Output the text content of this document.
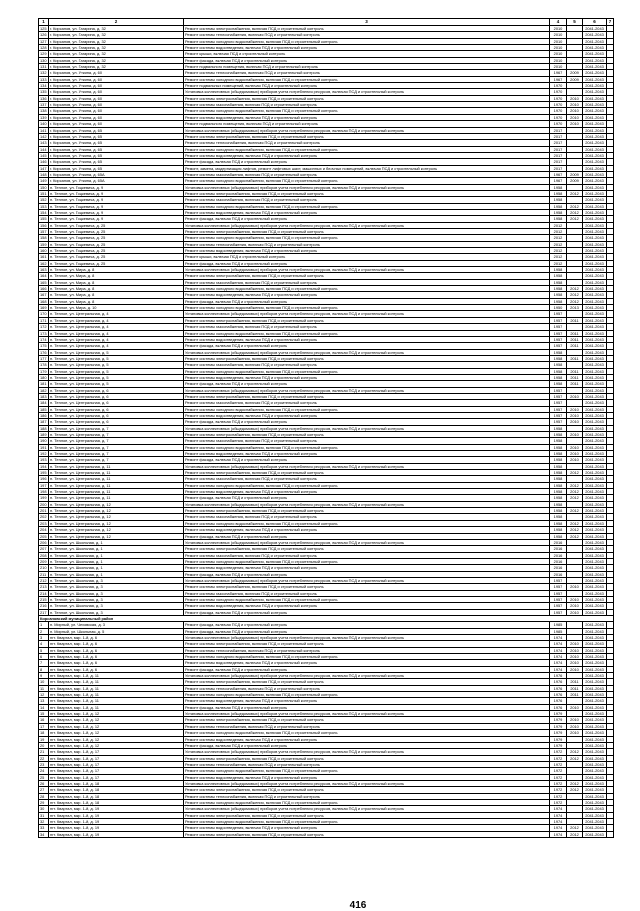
1	2	3	4	5	6	7
125	г. Кирсанов, ул. Гагарина, д. 32	Ремонт системы электроснабжения, включая ПСД и строительный контроль	2010		2041-2043	
126	г. Кирсанов, ул. Гагарина, д. 32	Ремонт системы теплоснабжения, включая ПСД и строительный контроль	2010		2041-2043	
127	г. Кирсанов, ул. Гагарина, д. 32	Ремонт системы холодного водоснабжения, включая ПСД и строительный контроль	2010		2041-2043	
128	г. Кирсанов, ул. Гагарина, д. 32	Ремонт системы водоотведения, включая ПСД и строительный контроль	2010		2041-2043	
129	г. Кирсанов, ул. Гагарина, д. 32	Ремонт крыши, включая ПСД и строительный контроль	2010		2041-2043	
130	г. Кирсанов, ул. Гагарина, д. 32	Ремонт фасада, включая ПСД и строительный контроль	2010		2041-2043	
131	г. Кирсанов, ул. Гагарина, д. 32	Ремонт подвального помещения, включая ПСД и строительный контроль	2010		2041-2043	
132	г. Кирсанов, ул. Уткина, д. 60	Ремонт системы теплоснабжения, включая ПСД и строительный контроль	1967	2009	2041-2043	
133	г. Кирсанов, ул. Уткина, д. 60	Ремонт системы холодного водоснабжения, включая ПСД и строительный контроль	1967	2009	2041-2043	
134	г. Кирсанов, ул. Уткина, д. 60	Ремонт подвальных помещений, включая ПСД и строительный контроль	1970		2041-2043	
135	г. Кирсанов, ул. Уткина, д. 60	Установка коллективных (общедомовых) приборов учета потребления ресурсов, включая ПСД и строительный контроль	1970		2041-2043	
136	г. Кирсанов, ул. Уткина, д. 60	Ремонт системы электроснабжения, включая ПСД и строительный контроль	1970	2010	2041-2043	
137	г. Кирсанов, ул. Уткина, д. 60	Ремонт системы газоснабжения, включая ПСД и строительный контроль	1970	2010	2041-2043	
138	г. Кирсанов, ул. Уткина, д. 60	Ремонт системы холодного водоснабжения, включая ПСД и строительный контроль	1970	2010	2041-2043	
139	г. Кирсанов, ул. Уткина, д. 60	Ремонт системы водоотведения, включая ПСД и строительный контроль	1970	2010	2041-2043	
140	г. Кирсанов, ул. Уткина, д. 60	Ремонт подвального помещения, включая ПСД и строительный контроль	1970	2010	2041-2043	
141	г. Кирсанов, ул. Уткина, д. 65	Установка коллективных (общедомовых) приборов учета потребления ресурсов, включая ПСД и строительный контроль	2017		2041-2043	
142	г. Кирсанов, ул. Уткина, д. 65	Ремонт системы электроснабжения, включая ПСД и строительный контроль	2017		2041-2043	
143	г. Кирсанов, ул. Уткина, д. 65	Ремонт системы теплоснабжения, включая ПСД и строительный контроль	2017		2041-2043	
144	г. Кирсанов, ул. Уткина, д. 65	Ремонт системы холодного водоснабжения, включая ПСД и строительный контроль	2017		2041-2043	
145	г. Кирсанов, ул. Уткина, д. 65	Ремонт системы водоотведения, включая ПСД и строительный контроль	2017		2041-2043	
146	г. Кирсанов, ул. Уткина, д. 65	Ремонт фасада, включая ПСД и строительный контроль	2017		2041-2043	
147	г. Кирсанов, ул. Уткина, д. 65	Ремонт, замена, модернизация лифтов, ремонт лифтовых шахт, машинных и блочных помещений, включая ПСД и строительный контроль	2017		2041-2043	
148	г. Кирсанов, ул. Уткина, д. 65А	Ремонт системы газоснабжения, включая ПСД и строительный контроль	1967	2009	2041-2043	
149	г. Кирсанов, ул. Уткина, д. 65А	Ремонт системы холодного водоснабжения, включая ПСД и строительный контроль	1967	2009	2041-2043	
150	п. Теплое, ул. Гоцкевича, д. 9	Установка коллективных (общедомовых) приборов учета потребления ресурсов, включая ПСД и строительный контроль	1958		2041-2043	
151	п. Теплое, ул. Гоцкевича, д. 9	Ремонт системы электроснабжения, включая ПСД и строительный контроль	1958	2012	2041-2043	
152	п. Теплое, ул. Гоцкевича, д. 9	Ремонт системы газоснабжения, включая ПСД и строительный контроль	1958		2041-2043	
153	п. Теплое, ул. Гоцкевича, д. 9	Ремонт системы холодного водоснабжения, включая ПСД и строительный контроль	1958	2012	2041-2043	
154	п. Теплое, ул. Гоцкевича, д. 9	Ремонт системы водоотведения, включая ПСД и строительный контроль	1958	2012	2041-2043	
155	п. Теплое, ул. Гоцкевича, д. 9	Ремонт фасада, включая ПСД и строительный контроль	1958	2012	2041-2043	
156	п. Теплое, ул. Гоцкевича, д. 25	Установка коллективных (общедомовых) приборов учета потребления ресурсов, включая ПСД и строительный контроль	2012		2041-2043	
157	п. Теплое, ул. Гоцкевича, д. 25	Ремонт системы электроснабжения, включая ПСД и строительный контроль	2012		2041-2043	
158	п. Теплое, ул. Гоцкевича, д. 25	Ремонт системы холодного водоснабжения, включая ПСД и строительный контроль	2012		2041-2043	
159	п. Теплое, ул. Гоцкевича, д. 25	Ремонт системы теплоснабжения, включая ПСД и строительный контроль	2012		2041-2043	
160	п. Теплое, ул. Гоцкевича, д. 25	Ремонт системы водоотведения, включая ПСД и строительный контроль	2012		2041-2043	
161	п. Теплое, ул. Гоцкевича, д. 25	Ремонт крыши, включая ПСД и строительный контроль	2012		2041-2043	
162	п. Теплое, ул. Гоцкевича, д. 25	Ремонт фасада, включая ПСД и строительный контроль	2012		2041-2043	
163	п. Теплое, ул. Мира, д. 8	Установка коллективных (общедомовых) приборов учета потребления ресурсов, включая ПСД и строительный контроль	1958		2041-2043	
164	п. Теплое, ул. Мира, д. 8	Ремонт системы электроснабжения, включая ПСД и строительный контроль	1958		2041-2043	
165	п. Теплое, ул. Мира, д. 8	Ремонт системы газоснабжения, включая ПСД и строительный контроль	1958		2041-2043	
166	п. Теплое, ул. Мира, д. 8	Ремонт системы холодного водоснабжения, включая ПСД и строительный контроль	1958	2012	2041-2043	
167	п. Теплое, ул. Мира, д. 8	Ремонт системы водоотведения, включая ПСД и строительный контроль	1958	2012	2041-2043	
168	п. Теплое, ул. Мира, д. 8	Ремонт фасада, включая ПСД и строительный контроль	1958	2012	2041-2043	
169	п. Теплое, ул. Мира, д. 10	Ремонт системы холодного водоснабжения, включая ПСД и строительный контроль	1950	2013	2041-2043	
170	п. Теплое, ул. Центральная, д. 4	Установка коллективных (общедомовых) приборов учета потребления ресурсов, включая ПСД и строительный контроль	1957		2041-2043	
171	п. Теплое, ул. Центральная, д. 4	Ремонт системы электроснабжения, включая ПСД и строительный контроль	1957	2011	2041-2043	
172	п. Теплое, ул. Центральная, д. 4	Ремонт системы газоснабжения, включая ПСД и строительный контроль	1957		2041-2043	
173	п. Теплое, ул. Центральная, д. 4	Ремонт системы холодного водоснабжения, включая ПСД и строительный контроль	1957	2011	2041-2043	
174	п. Теплое, ул. Центральная, д. 4	Ремонт системы водоотведения, включая ПСД и строительный контроль	1957	2011	2041-2043	
175	п. Теплое, ул. Центральная, д. 4	Ремонт фасада, включая ПСД и строительный контроль	1957	2011	2041-2043	
176	п. Теплое, ул. Центральная, д. 5	Установка коллективных (общедомовых) приборов учета потребления ресурсов, включая ПСД и строительный контроль	1958		2041-2043	
177	п. Теплое, ул. Центральная, д. 5	Ремонт системы электроснабжения, включая ПСД и строительный контроль	1958	2011	2041-2043	
178	п. Теплое, ул. Центральная, д. 5	Ремонт системы газоснабжения, включая ПСД и строительный контроль	1958		2041-2043	
179	п. Теплое, ул. Центральная, д. 5	Ремонт системы холодного водоснабжения, включая ПСД и строительный контроль	1958	2011	2041-2043	
180	п. Теплое, ул. Центральная, д. 5	Ремонт системы водоотведения, включая ПСД и строительный контроль	1958	2011	2041-2043	
181	п. Теплое, ул. Центральная, д. 5	Ремонт фасада, включая ПСД и строительный контроль	1958	2011	2041-2043	
182	п. Теплое, ул. Центральная, д. 6	Установка коллективных (общедомовых) приборов учета потребления ресурсов, включая ПСД и строительный контроль	1957		2041-2043	
183	п. Теплое, ул. Центральная, д. 6	Ремонт системы электроснабжения, включая ПСД и строительный контроль	1957	2010	2041-2043	
184	п. Теплое, ул. Центральная, д. 6	Ремонт системы газоснабжения, включая ПСД и строительный контроль	1957		2041-2043	
185	п. Теплое, ул. Центральная, д. 6	Ремонт системы холодного водоснабжения, включая ПСД и строительный контроль	1957	2010	2041-2043	
186	п. Теплое, ул. Центральная, д. 6	Ремонт системы водоотведения, включая ПСД и строительный контроль	1957	2010	2041-2043	
187	п. Теплое, ул. Центральная, д. 6	Ремонт фасада, включая ПСД и строительный контроль	1957	2010	2041-2043	
188	п. Теплое, ул. Центральная, д. 7	Установка коллективных (общедомовых) приборов учета потребления ресурсов, включая ПСД и строительный контроль	1958		2041-2043	
189	п. Теплое, ул. Центральная, д. 7	Ремонт системы электроснабжения, включая ПСД и строительный контроль	1958	2010	2041-2043	
190	п. Теплое, ул. Центральная, д. 7	Ремонт системы газоснабжения, включая ПСД и строительный контроль	1958		2041-2043	
191	п. Теплое, ул. Центральная, д. 7	Ремонт системы холодного водоснабжения, включая ПСД и строительный контроль	1958	2010	2041-2043	
192	п. Теплое, ул. Центральная, д. 7	Ремонт системы водоотведения, включая ПСД и строительный контроль	1958	2010	2041-2043	
193	п. Теплое, ул. Центральная, д. 7	Ремонт фасада, включая ПСД и строительный контроль	1958	2010	2041-2043	
194	п. Теплое, ул. Центральная, д. 11	Установка коллективных (общедомовых) приборов учета потребления ресурсов, включая ПСД и строительный контроль	1958		2041-2043	
195	п. Теплое, ул. Центральная, д. 11	Ремонт системы электроснабжения, включая ПСД и строительный контроль	1958	2012	2041-2043	
196	п. Теплое, ул. Центральная, д. 11	Ремонт системы газоснабжения, включая ПСД и строительный контроль	1958		2041-2043	
197	п. Теплое, ул. Центральная, д. 11	Ремонт системы холодного водоснабжения, включая ПСД и строительный контроль	1958	2012	2041-2043	
198	п. Теплое, ул. Центральная, д. 11	Ремонт системы водоотведения, включая ПСД и строительный контроль	1958	2012	2041-2043	
199	п. Теплое, ул. Центральная, д. 11	Ремонт фасада, включая ПСД и строительный контроль	1958	2012	2041-2043	
200	п. Теплое, ул. Центральная, д. 12	Установка коллективных (общедомовых) приборов учета потребления ресурсов, включая ПСД и строительный контроль	1958		2041-2043	
201	п. Теплое, ул. Центральная, д. 12	Ремонт системы электроснабжения, включая ПСД и строительный контроль	1958	2012	2041-2043	
202	п. Теплое, ул. Центральная, д. 12	Ремонт системы газоснабжения, включая ПСД и строительный контроль	1958		2041-2043	
203	п. Теплое, ул. Центральная, д. 12	Ремонт системы холодного водоснабжения, включая ПСД и строительный контроль	1958	2012	2041-2043	
204	п. Теплое, ул. Центральная, д. 12	Ремонт системы водоотведения, включая ПСД и строительный контроль	1958	2012	2041-2043	
205	п. Теплое, ул. Центральная, д. 12	Ремонт фасада, включая ПСД и строительный контроль	1958	2012	2041-2043	
206	п. Теплое, ул. Школьная, д. 1	Установка коллективных (общедомовых) приборов учета потребления ресурсов, включая ПСД и строительный контроль	2016		2041-2043	
207	п. Теплое, ул. Школьная, д. 1	Ремонт системы электроснабжения, включая ПСД и строительный контроль	2016		2041-2043	
208	п. Теплое, ул. Школьная, д. 1	Ремонт системы газоснабжения, включая ПСД и строительный контроль	2016		2041-2043	
209	п. Теплое, ул. Школьная, д. 1	Ремонт системы холодного водоснабжения, включая ПСД и строительный контроль	2016		2041-2043	
210	п. Теплое, ул. Школьная, д. 1	Ремонт системы водоотведения, включая ПСД и строительный контроль	2016		2041-2043	
211	п. Теплое, ул. Школьная, д. 1	Ремонт фасада, включая ПСД и строительный контроль	2016		2041-2043	
212	п. Теплое, ул. Школьная, д. 3	Установка коллективных (общедомовых) приборов учета потребления ресурсов, включая ПСД и строительный контроль	1957		2041-2043	
213	п. Теплое, ул. Школьная, д. 3	Ремонт системы электроснабжения, включая ПСД и строительный контроль	1957	2010	2041-2043	
214	п. Теплое, ул. Школьная, д. 3	Ремонт системы газоснабжения, включая ПСД и строительный контроль	1957		2041-2043	
215	п. Теплое, ул. Школьная, д. 3	Ремонт системы холодного водоснабжения, включая ПСД и строительный контроль	1957	2010	2041-2043	
216	п. Теплое, ул. Школьная, д. 3	Ремонт системы водоотведения, включая ПСД и строительный контроль	1957	2010	2041-2043	
217	п. Теплое, ул. Школьная, д. 3	Ремонт фасада, включая ПСД и строительный контроль	1957	2010	2041-2043	
Кирсановский муниципальный район						
1	п. Мирный, ул. Чеховская, д. 3	Ремонт фасада, включая ПСД и строительный контроль	1985		2041-2043	
2	п. Мирный, ул. Школьная, д. 5	Ремонт фасада, включая ПСД и строительный контроль	1985		2041-2043	
3	пгт. Квартал, мкр. 1-й, д. 6	Установка коллективных (общедомовых) приборов учета потребления ресурсов, включая ПСД и строительный контроль	1974		2041-2043	
4	пгт. Квартал, мкр. 1-й, д. 6	Ремонт системы электроснабжения, включая ПСД и строительный контроль	1974	2010	2041-2043	
5	пгт. Квартал, мкр. 1-й, д. 6	Ремонт системы теплоснабжения, включая ПСД и строительный контроль	1974	2010	2041-2043	
6	пгт. Квартал, мкр. 1-й, д. 6	Ремонт системы холодного водоснабжения, включая ПСД и строительный контроль	1974	2010	2041-2043	
7	пгт. Квартал, мкр. 1-й, д. 6	Ремонт системы водоотведения, включая ПСД и строительный контроль	1974	2010	2041-2043	
8	пгт. Квартал, мкр. 1-й, д. 6	Ремонт фасада, включая ПСД и строительный контроль	1974	2010	2041-2043	
9	пгт. Квартал, мкр. 1-й, д. 11	Установка коллективных (общедомовых) приборов учета потребления ресурсов, включая ПСД и строительный контроль	1976		2041-2043	
10	пгт. Квартал, мкр. 1-й, д. 11	Ремонт системы электроснабжения, включая ПСД и строительный контроль	1976	2011	2041-2043	
11	пгт. Квартал, мкр. 1-й, д. 11	Ремонт системы теплоснабжения, включая ПСД и строительный контроль	1976	2011	2041-2043	
12	пгт. Квартал, мкр. 1-й, д. 11	Ремонт системы холодного водоснабжения, включая ПСД и строительный контроль	1976	2011	2041-2043	
13	пгт. Квартал, мкр. 1-й, д. 11	Ремонт системы водоотведения, включая ПСД и строительный контроль	1976		2041-2043	
14	пгт. Квартал, мкр. 1-й, д. 11	Ремонт фасада, включая ПСД и строительный контроль	1976	2010	2041-2043	
15	пгт. Квартал, мкр. 1-й, д. 12	Установка коллективных (общедомовых) приборов учета потребления ресурсов, включая ПСД и строительный контроль	1979		2041-2043	
16	пгт. Квартал, мкр. 1-й, д. 12	Ремонт системы электроснабжения, включая ПСД и строительный контроль	1979	2010	2041-2043	
17	пгт. Квартал, мкр. 1-й, д. 12	Ремонт системы теплоснабжения, включая ПСД и строительный контроль	1979	2010	2041-2043	
18	пгт. Квартал, мкр. 1-й, д. 12	Ремонт системы холодного водоснабжения, включая ПСД и строительный контроль	1979	2010	2041-2043	
19	пгт. Квартал, мкр. 1-й, д. 12	Ремонт системы водоотведения, включая ПСД и строительный контроль	1979		2041-2043	
20	пгт. Квартал, мкр. 1-й, д. 12	Ремонт фасада, включая ПСД и строительный контроль	1979		2041-2043	
21	пгт. Квартал, мкр. 1-й, д. 17	Установка коллективных (общедомовых) приборов учета потребления ресурсов, включая ПСД и строительный контроль	1972	2012	2041-2043	
22	пгт. Квартал, мкр. 1-й, д. 17	Ремонт системы электроснабжения, включая ПСД и строительный контроль	1972	2012	2041-2043	
23	пгт. Квартал, мкр. 1-й, д. 17	Ремонт системы теплоснабжения, включая ПСД и строительный контроль	1972		2041-2043	
24	пгт. Квартал, мкр. 1-й, д. 17	Ремонт системы холодного водоснабжения, включая ПСД и строительный контроль	1972		2041-2043	
25	пгт. Квартал, мкр. 1-й, д. 17	Ремонт системы водоотведения, включая ПСД и строительный контроль	1972		2041-2043	
26	пгт. Квартал, мкр. 1-й, д. 18	Установка коллективных (общедомовых) приборов учета потребления ресурсов, включая ПСД и строительный контроль	1972	2012	2041-2043	
27	пгт. Квартал, мкр. 1-й, д. 18	Ремонт системы электроснабжения, включая ПСД и строительный контроль	1972	2012	2041-2043	
28	пгт. Квартал, мкр. 1-й, д. 18	Ремонт системы теплоснабжения, включая ПСД и строительный контроль	1972		2041-2043	
29	пгт. Квартал, мкр. 1-й, д. 18	Ремонт системы холодного водоснабжения, включая ПСД и строительный контроль	1972		2041-2043	
30	пгт. Квартал, мкр. 1-й, д. 19	Установка коллективных (общедомовых) приборов учета потребления ресурсов, включая ПСД и строительный контроль	1974		2041-2043	
31	пгт. Квартал, мкр. 1-й, д. 19	Ремонт системы электроснабжения, включая ПСД и строительный контроль	1974		2041-2043	
32	пгт. Квартал, мкр. 1-й, д. 19	Ремонт системы холодного водоснабжения, включая ПСД и строительный контроль	1974		2041-2043	
33	пгт. Квартал, мкр. 1-й, д. 19	Ремонт системы водоотведения, включая ПСД и строительный контроль	1974	2012	2041-2043	
34	пгт. Квартал, мкр. 1-й, д. 19	Ремонт системы электроснабжения, включая ПСД и строительный контроль	1974	2012	2041-2043	
416
